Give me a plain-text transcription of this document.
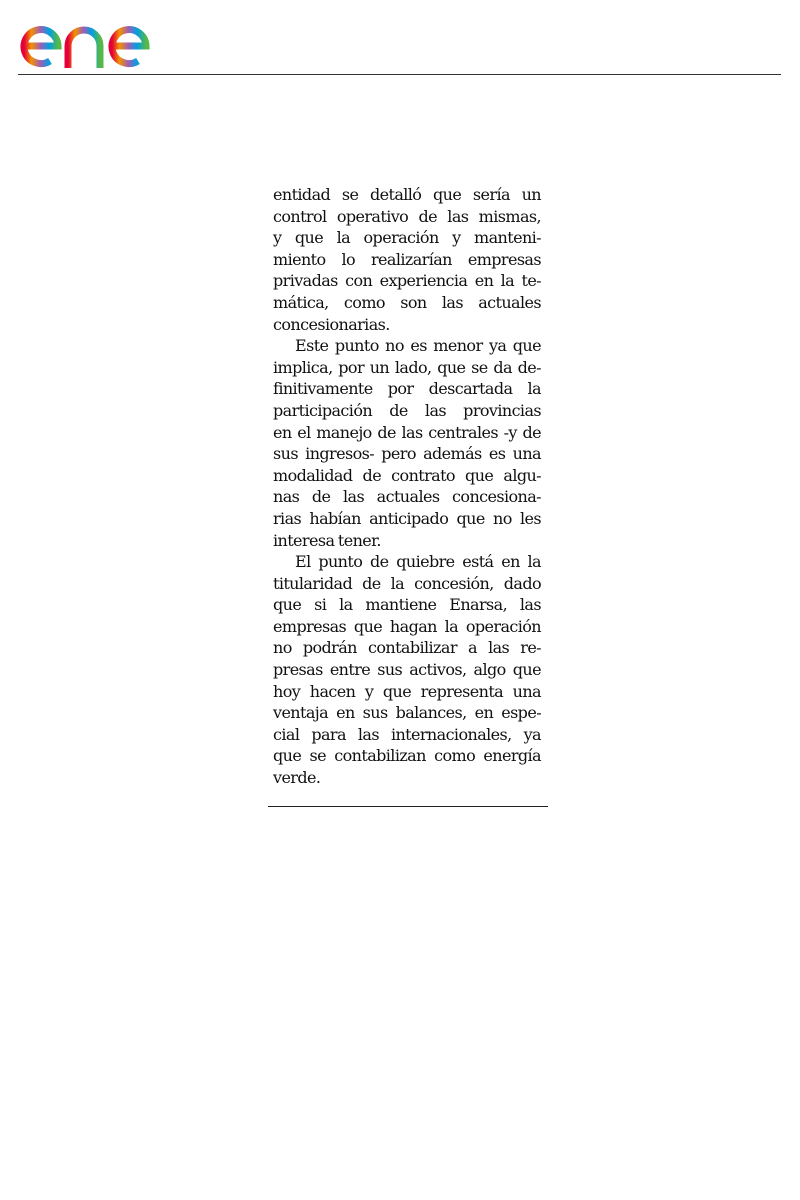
entidad se detalló que sería un
control operativo de las mismas,
y que la operación y manteni-
miento lo realizarían empresas
privadas con experiencia en la te-
mática, como son las actuales
concesionarias.
Este punto no es menor ya que
implica, por un lado, que se da de-
finitivamente por descartada la
participación de las provincias
en el manejo de las centrales -y de
sus ingresos- pero además es una
modalidad de contrato que algu-
nas de las actuales concesiona-
rias habían anticipado que no les
interesa tener.
El punto de quiebre está en la
titularidad de la concesión, dado
que si la mantiene Enarsa, las
empresas que hagan la operación
no podrán contabilizar a las re-
presas entre sus activos, algo que
hoy hacen y que representa una
ventaja en sus balances, en espe-
cial para las internacionales, ya
que se contabilizan como energía
verde.
